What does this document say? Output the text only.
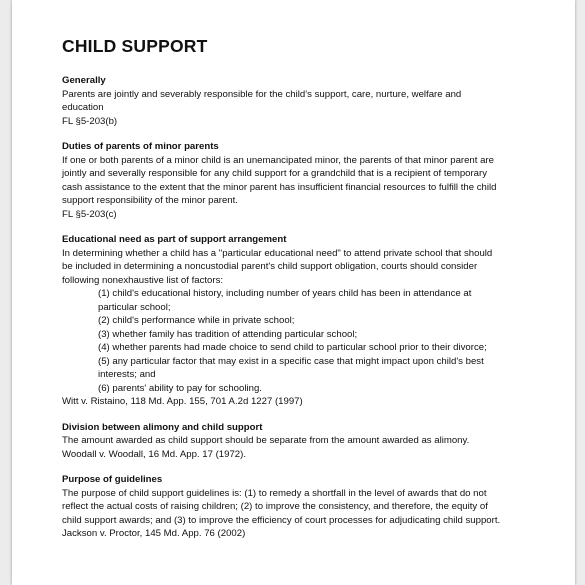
CHILD SUPPORT
Generally
Parents are jointly and severably responsible for the child’s support, care, nurture, welfare and
education
FL §5-203(b)
Duties of parents of minor parents
If one or both parents of a minor child is an unemancipated minor, the parents of that minor parent are
jointly and severally responsible for any child support for a grandchild that is a recipient of temporary
cash assistance to the extent that the minor parent has insufficient financial resources to fulfill the child
support responsibility of the minor parent.
FL §5-203(c)
Educational need as part of support arrangement
In determining whether a child has a "particular educational need" to attend private school that should
be included in determining a noncustodial parent's child support obligation, courts should consider
following nonexhaustive list of factors:
(1) child's educational history, including number of years child has been in attendance at
particular school;
(2) child's performance while in private school;
(3) whether family has tradition of attending particular school;
(4) whether parents had made choice to send child to particular school prior to their divorce;
(5) any particular factor that may exist in a specific case that might impact upon child's best
interests; and
(6) parents' ability to pay for schooling.
Witt v. Ristaino, 118 Md. App. 155, 701 A.2d 1227 (1997)
Division between alimony and child support
The amount awarded as child support should be separate from the amount awarded as alimony.
Woodall v. Woodall, 16 Md. App. 17 (1972).
Purpose of guidelines
The purpose of child support guidelines is: (1) to remedy a shortfall in the level of awards that do not
reflect the actual costs of raising children; (2) to improve the consistency, and therefore, the equity of
child support awards; and (3) to improve the efficiency of court processes for adjudicating child support.
Jackson v. Proctor, 145 Md. App. 76 (2002)
